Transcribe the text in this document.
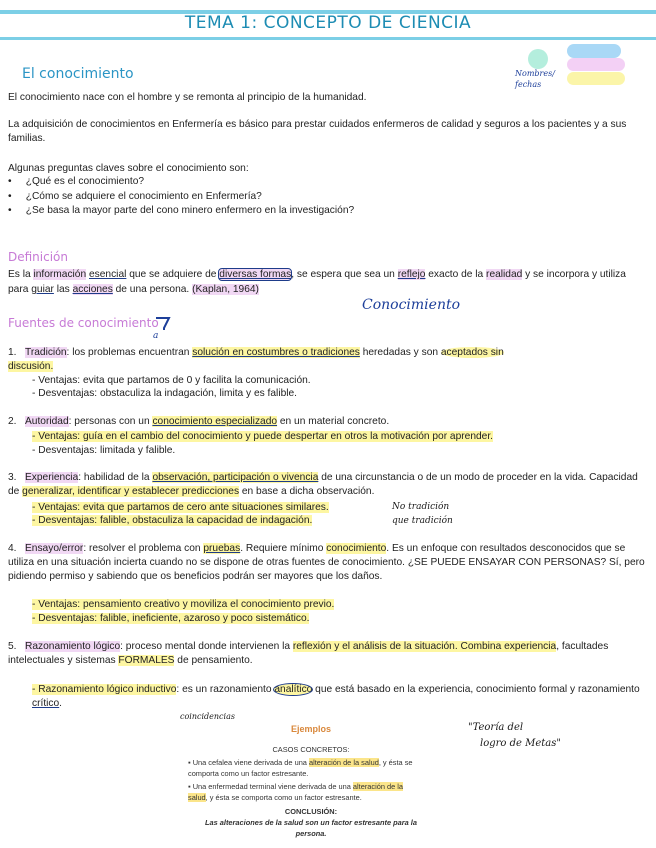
TEMA 1: CONCEPTO DE CIENCIA
Nombres/ fechas
El conocimiento

El conocimiento nace con el hombre y se remonta al principio de la humanidad.

La adquisición de conocimientos en Enfermería es básico para prestar cuidados enfermeros de calidad y seguros a los pacientes y a sus familias.

Algunas preguntas claves sobre el conocimiento son:

•     ¿Qué es el conocimiento?
•     ¿Cómo se adquiere el conocimiento en Enfermería?
•     ¿Se basa la mayor parte del cono minero enfermero en la investigación?
Definición

Es la información esencial que se adquiere de diversas formas, se espera que sea un reflejo exacto de la realidad y se incorpora y utiliza para guiar las acciones de una persona. (Kaplan, 1964)

Conocimiento
Fuentes de conocimiento
a

1. Tradición: los problemas encuentran solución en costumbres o tradiciones heredadas y son aceptados sin
discusión.

- Ventajas: evita que partamos de 0 y facilita la comunicación.

- Desventajas: obstaculiza la indagación, limita y es falible.

2. Autoridad: personas con un conocimiento especializado en un material concreto.

- Ventajas: guía en el cambio del conocimiento y puede despertar en otros la motivación por aprender.

- Desventajas: limitada y falible.

3. Experiencia: habilidad de la observación, participación o vivencia de una circunstancia o de un modo de proceder en la vida. Capacidad de generalizar, identificar y establecer predicciones en base a dicha observación.

- Ventajas: evita que partamos de cero ante situaciones similares.

- Desventajas: falible, obstaculiza la capacidad de indagación.

No tradición
que tradición

4. Ensayo/error: resolver el problema con pruebas. Requiere mínimo conocimiento. Es un enfoque con resultados desconocidos que se utiliza en una situación incierta cuando no se dispone de otras fuentes de conocimiento. ¿SE PUEDE ENSAYAR CON PERSONAS? Sí, pero pidiendo permiso y sabiendo que os beneficios podrán ser mayores que los daños.

- Ventajas: pensamiento creativo y moviliza el conocimiento previo.

- Desventajas: falible, ineficiente, azaroso y poco sistemático.

5. Razonamiento lógico: proceso mental donde intervienen la reflexión y el análisis de la situación. Combina experiencia, facultades intelectuales y sistemas FORMALES de pensamiento.

- Razonamiento lógico inductivo: es un razonamiento analítico que está basado en la experiencia, conocimiento formal y razonamiento crítico.

coincidencias
Ejemplos
CASOS CONCRETOS:
▪ Una cefalea viene derivada de una alteración de la salud, y ésta se comporta como un factor estresante.
▪ Una enfermedad terminal viene derivada de una alteración de la salud, y ésta se comporta como un factor estresante.
CONCLUSIÓN:
Las alteraciones de la salud son un factor estresante para la persona.
"Teoría del
logro de Metas"
